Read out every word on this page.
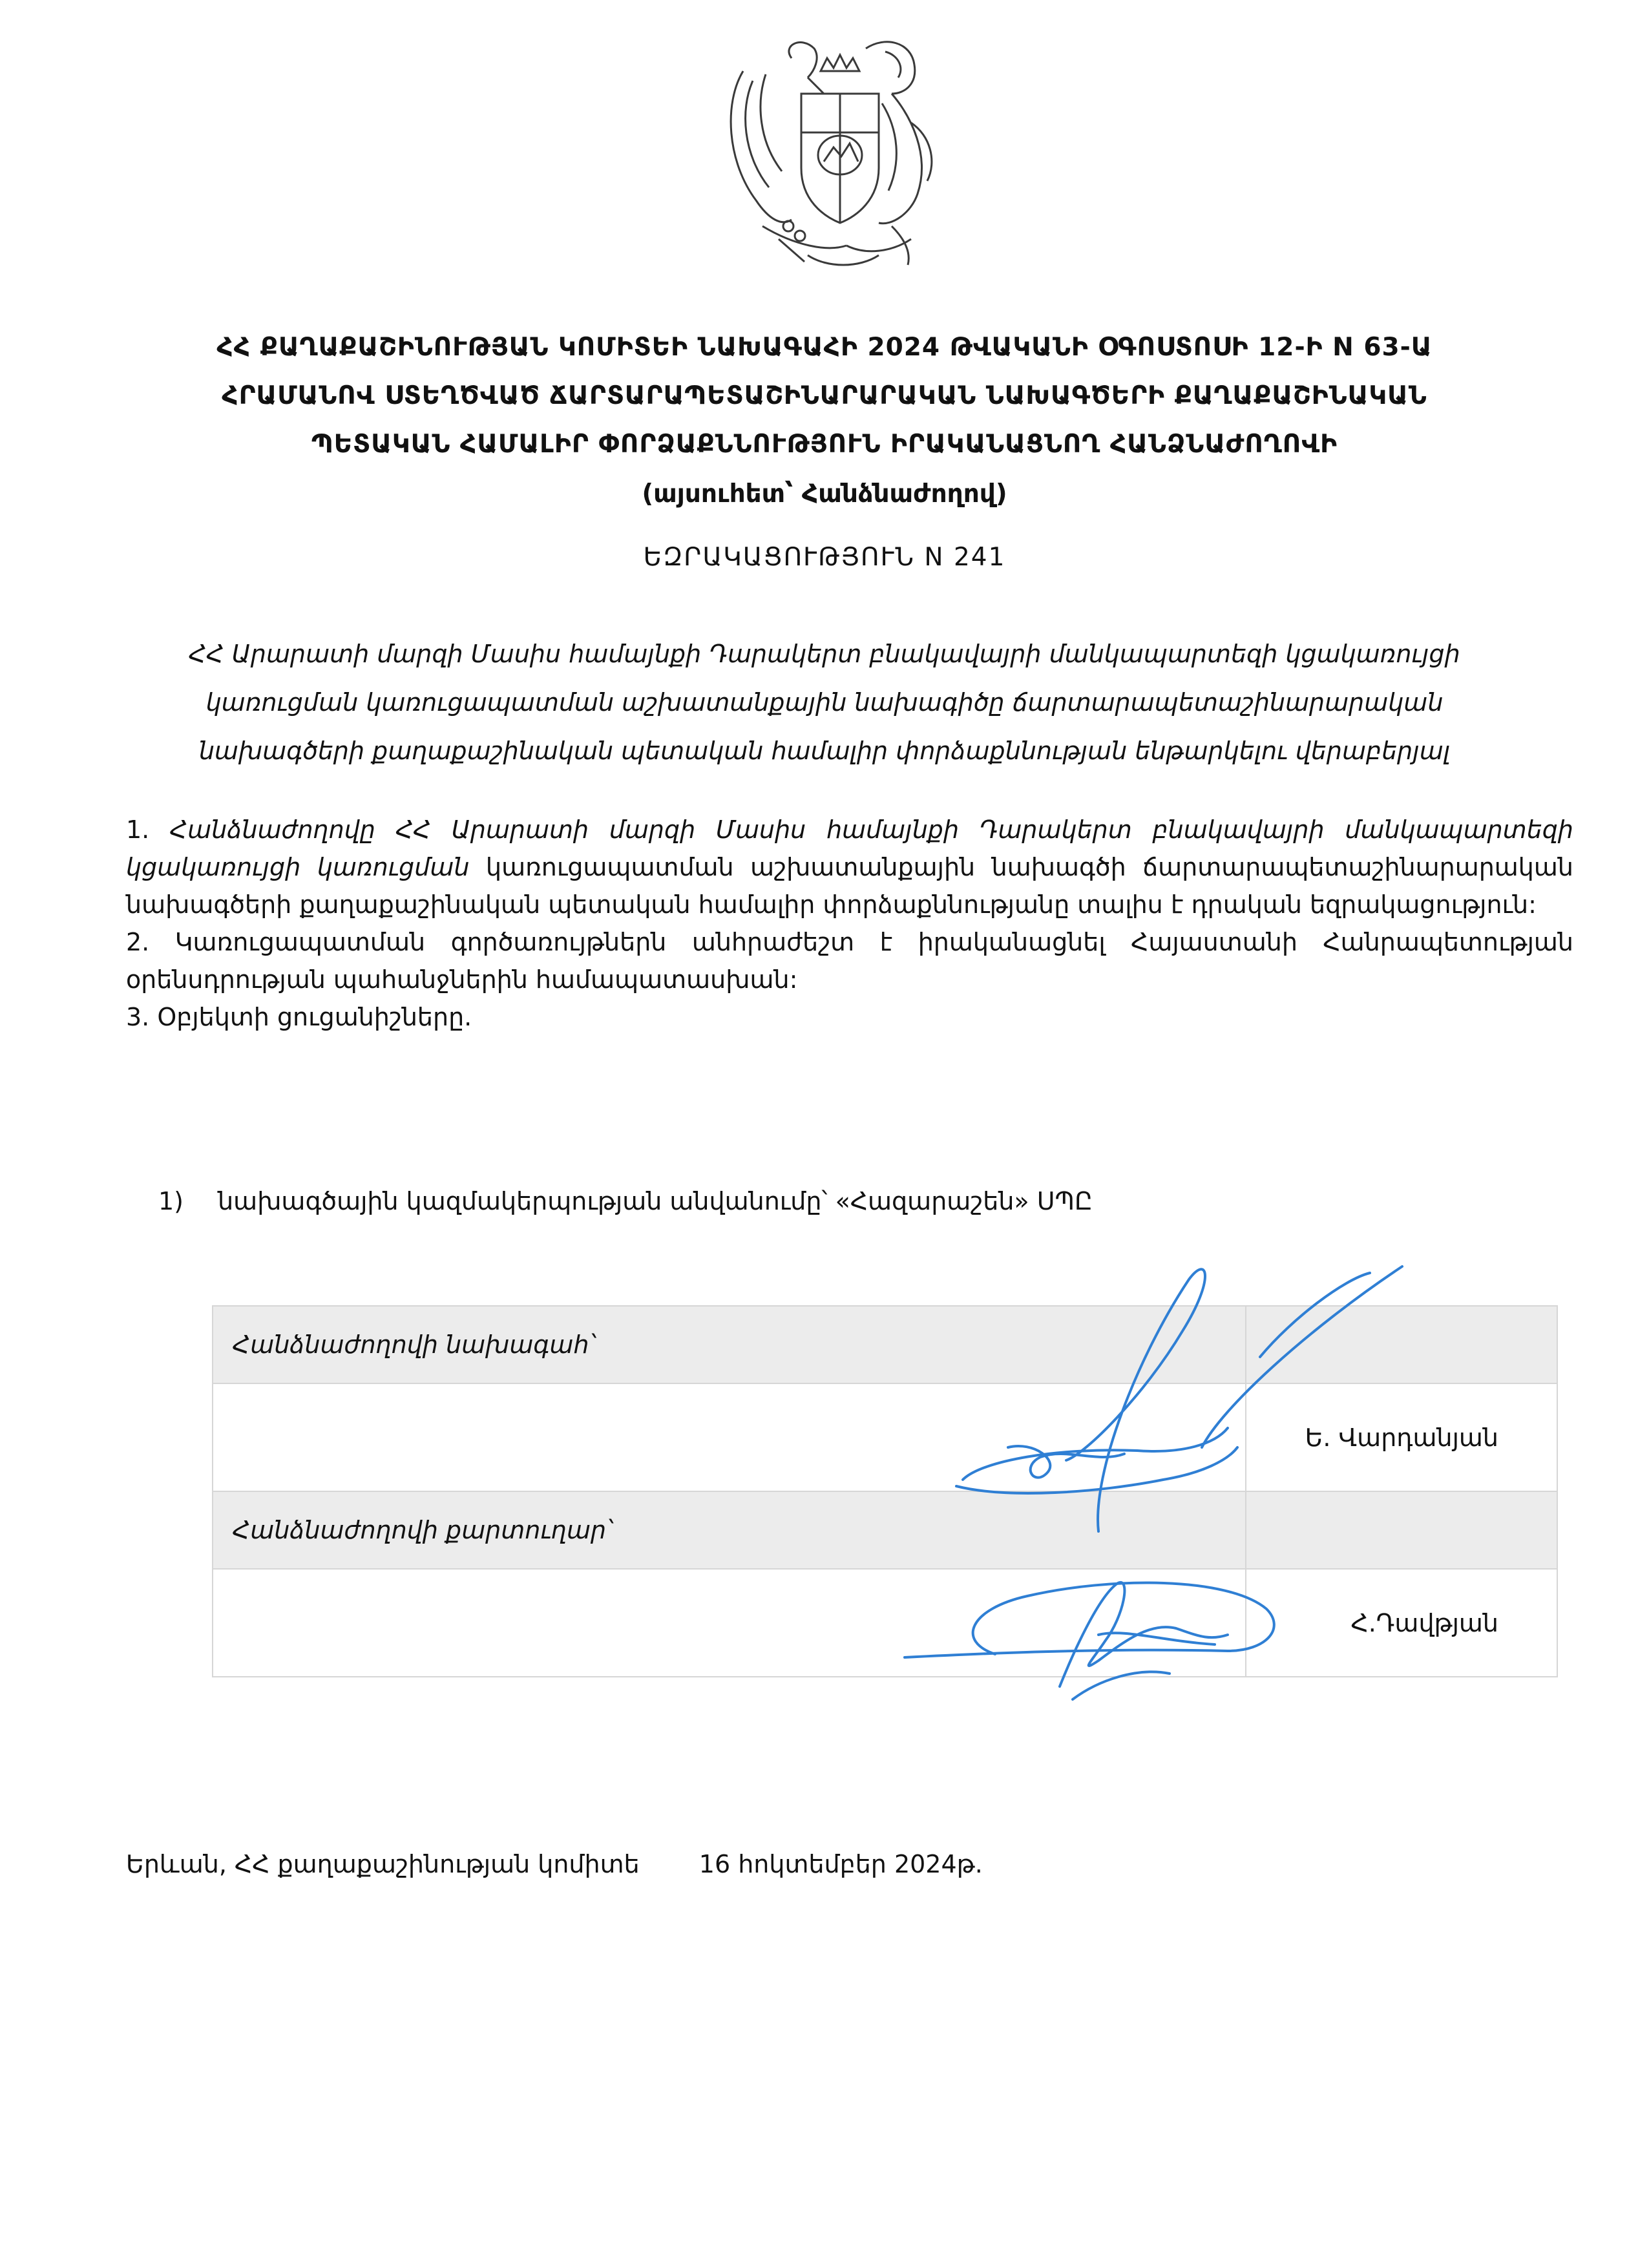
ՀՀ ՔԱՂԱՔԱՇԻՆՈՒԹՅԱՆ ԿՈՄԻՏԵԻ ՆԱԽԱԳԱՀԻ 2024 ԹՎԱԿԱՆԻ ՕԳՈՍՏՈՍԻ 12-Ի N 63-Ա
ՀՐԱՄԱՆՈՎ ՍՏԵՂԾՎԱԾ ՃԱՐՏԱՐԱՊԵՏԱՇԻՆԱՐԱՐԱԿԱՆ ՆԱԽԱԳԾԵՐԻ ՔԱՂԱՔԱՇԻՆԱԿԱՆ
ՊԵՏԱԿԱՆ ՀԱՄԱԼԻՐ ՓՈՐՁԱՔՆՆՈՒԹՅՈՒՆ ԻՐԱԿԱՆԱՑՆՈՂ ՀԱՆՁՆԱԺՈՂՈՎԻ
(այսուհետ՝ Հանձնաժողով)
ԵԶՐԱԿԱՑՈՒԹՅՈՒՆ N 241
ՀՀ Արարատի մարզի Մասիս համայնքի Դարակերտ բնակավայրի մանկապարտեզի կցակառույցի
կառուցման կառուցապատման աշխատանքային նախագիծը ճարտարապետաշինարարական
նախագծերի քաղաքաշինական պետական համալիր փորձաքննության ենթարկելու վերաբերյալ

1. Հանձնաժողովը ՀՀ Արարատի մարզի Մասիս համայնքի Դարակերտ բնակավայրի մանկապարտեզի կցակառույցի կառուցման կառուցապատման աշխատանքային նախագծի ճարտարապետաշինարարական նախագծերի քաղաքաշինական պետական համալիր փորձաքննությանը տալիս է դրական եզրակացություն:

2. Կառուցապատման գործառույթներն անհրաժեշտ է իրականացնել Հայաստանի Հանրապետության օրենսդրության պահանջներին համապատասխան:

3. Օբյեկտի ցուցանիշները.

1) նախագծային կազմակերպության անվանումը՝ «Հազարաշեն» ՍՊԸ
Հանձնաժողովի նախագահ՝	
	Ե. Վարդանյան
Հանձնաժողովի քարտուղար՝	
	Հ.Դավթյան
Երևան, ՀՀ քաղաքաշինության կոմիտե 16 հոկտեմբեր 2024թ.
